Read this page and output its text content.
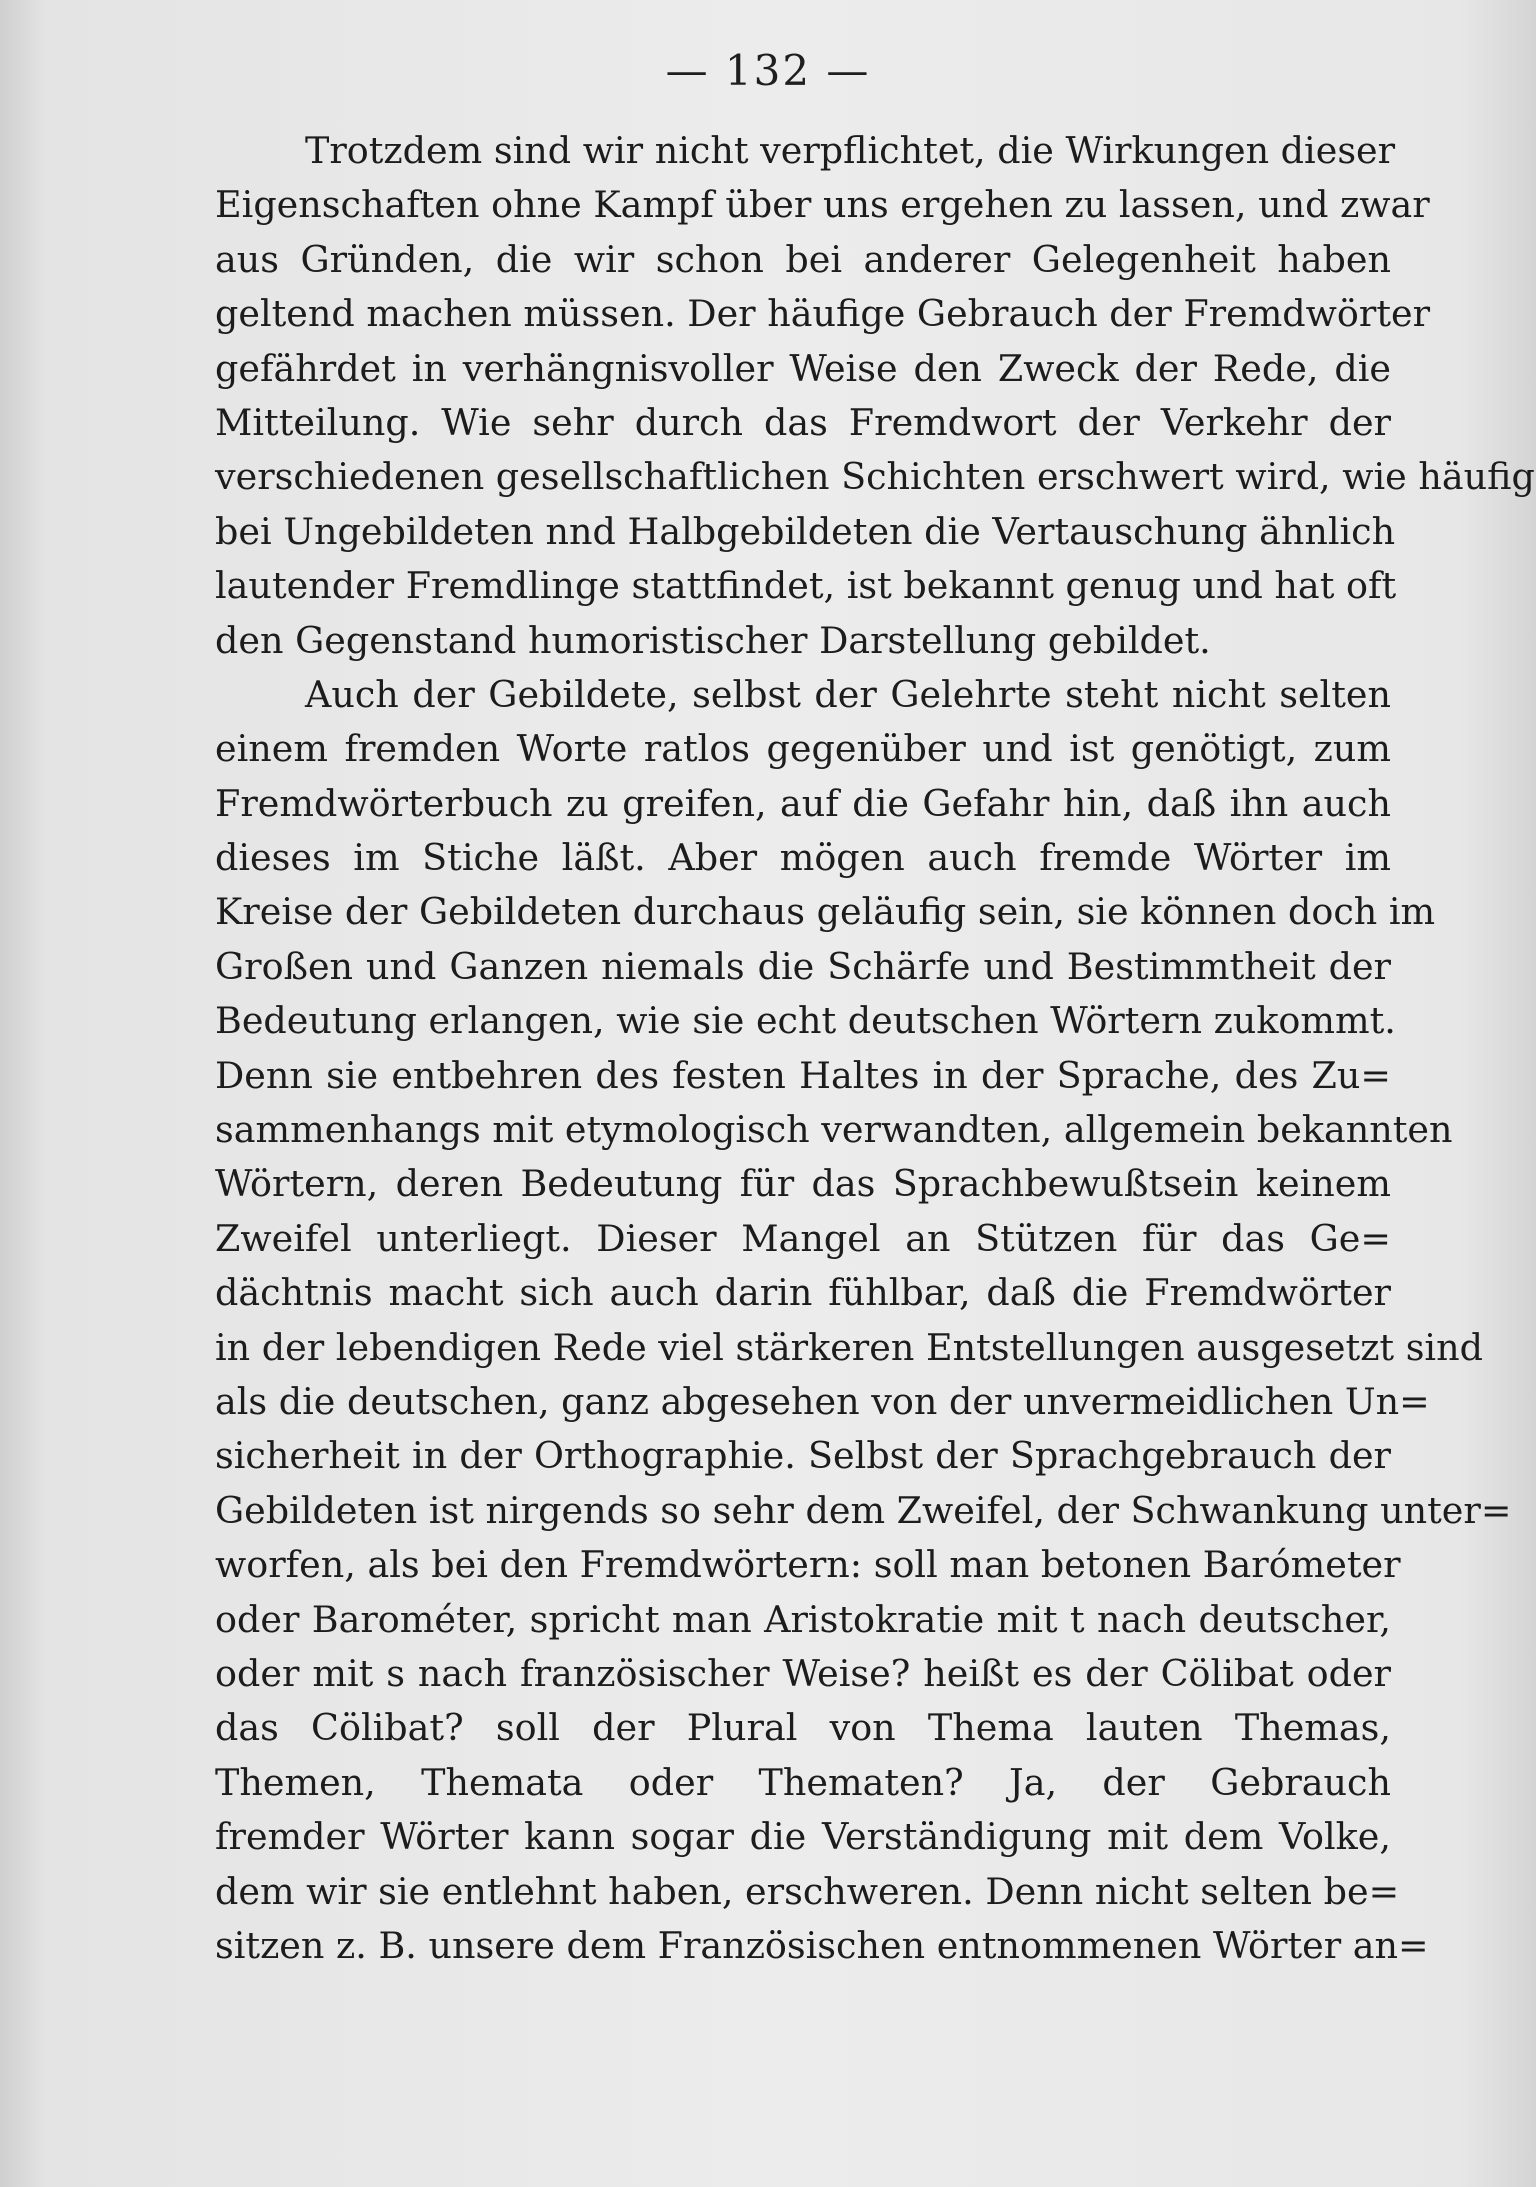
— 132 —
Trotzdem sind wir nicht verpflichtet, die Wirkungen dieser
Eigenschaften ohne Kampf über uns ergehen zu lassen, und zwar
aus Gründen, die wir schon bei anderer Gelegenheit haben
geltend machen müssen. Der häufige Gebrauch der Fremdwörter
gefährdet in verhängnisvoller Weise den Zweck der Rede, die
Mitteilung. Wie sehr durch das Fremdwort der Verkehr der
verschiedenen gesellschaftlichen Schichten erschwert wird, wie häufig
bei Ungebildeten nnd Halbgebildeten die Vertauschung ähnlich
lautender Fremdlinge stattfindet, ist bekannt genug und hat oft
den Gegenstand humoristischer Darstellung gebildet.
Auch der Gebildete, selbst der Gelehrte steht nicht selten
einem fremden Worte ratlos gegenüber und ist genötigt, zum
Fremdwörterbuch zu greifen, auf die Gefahr hin, daß ihn auch
dieses im Stiche läßt. Aber mögen auch fremde Wörter im
Kreise der Gebildeten durchaus geläufig sein, sie können doch im
Großen und Ganzen niemals die Schärfe und Bestimmtheit der
Bedeutung erlangen, wie sie echt deutschen Wörtern zukommt.
Denn sie entbehren des festen Haltes in der Sprache, des Zu=
sammenhangs mit etymologisch verwandten, allgemein bekannten
Wörtern, deren Bedeutung für das Sprachbewußtsein keinem
Zweifel unterliegt. Dieser Mangel an Stützen für das Ge=
dächtnis macht sich auch darin fühlbar, daß die Fremdwörter
in der lebendigen Rede viel stärkeren Entstellungen ausgesetzt sind
als die deutschen, ganz abgesehen von der unvermeidlichen Un=
sicherheit in der Orthographie. Selbst der Sprachgebrauch der
Gebildeten ist nirgends so sehr dem Zweifel, der Schwankung unter=
worfen, als bei den Fremdwörtern: soll man betonen Barómeter
oder Barométer, spricht man Aristokratie mit t nach deutscher,
oder mit s nach französischer Weise? heißt es der Cölibat oder
das Cölibat? soll der Plural von Thema lauten Themas,
Themen, Themata oder Thematen? Ja, der Gebrauch
fremder Wörter kann sogar die Verständigung mit dem Volke,
dem wir sie entlehnt haben, erschweren. Denn nicht selten be=
sitzen z. B. unsere dem Französischen entnommenen Wörter an=
